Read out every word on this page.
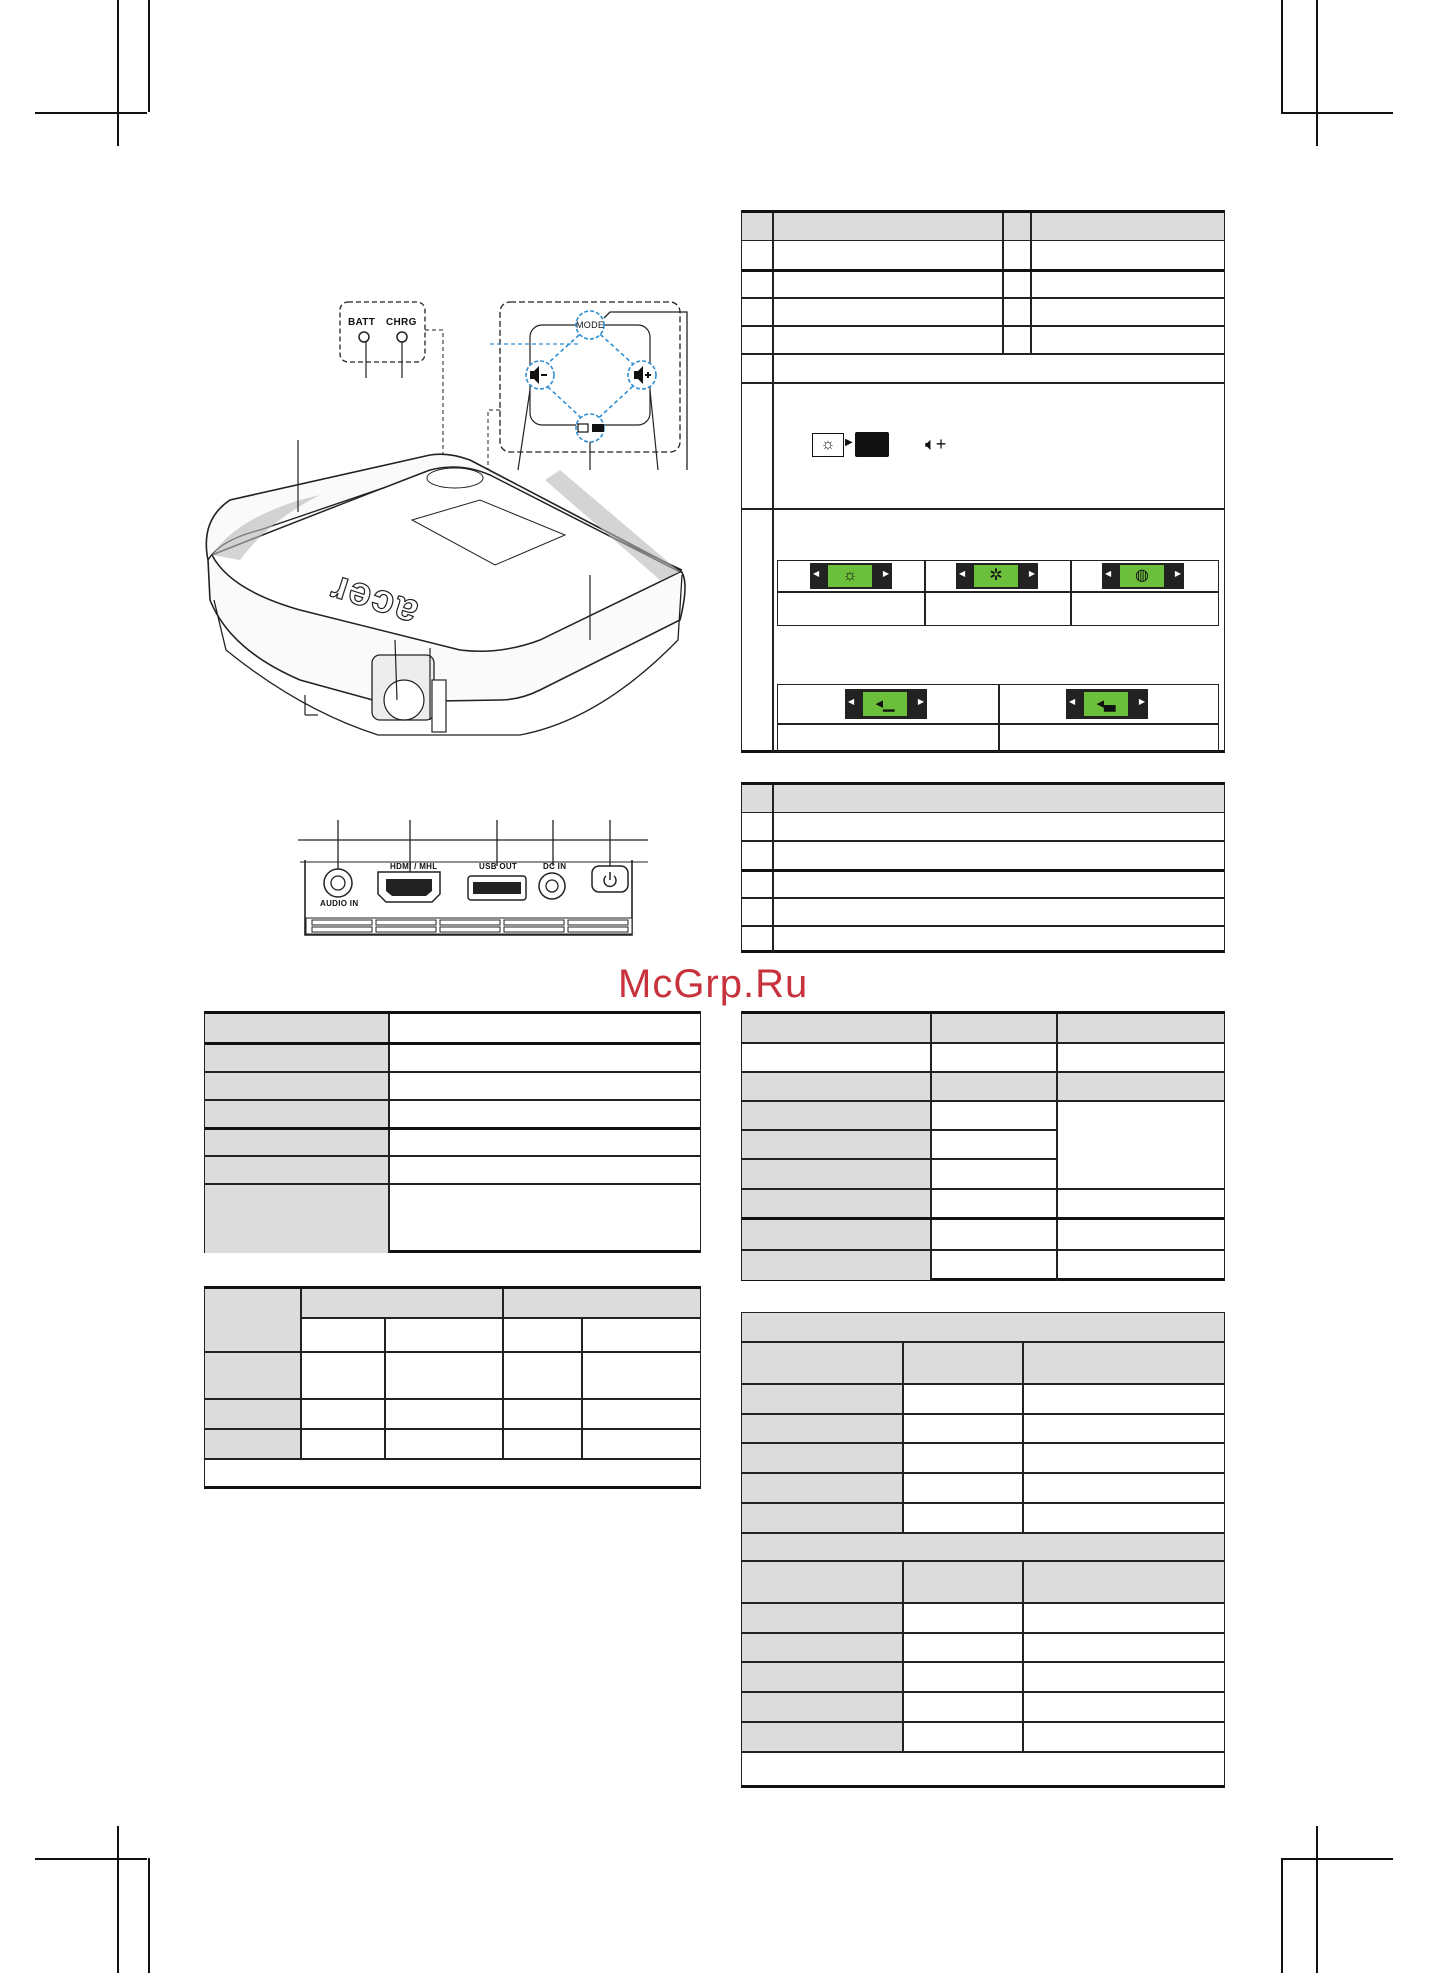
BATT CHRG	MODE
acer
AUDIO IN
HDMI / MHL	USB OUT	DC IN
☼ ▶	🔈︎+
◀	☼	▶	◀	✲	▶	◀	◍	▶
◀	◂▁	▶	◀	◂▃	▶
McGrp.Ru
